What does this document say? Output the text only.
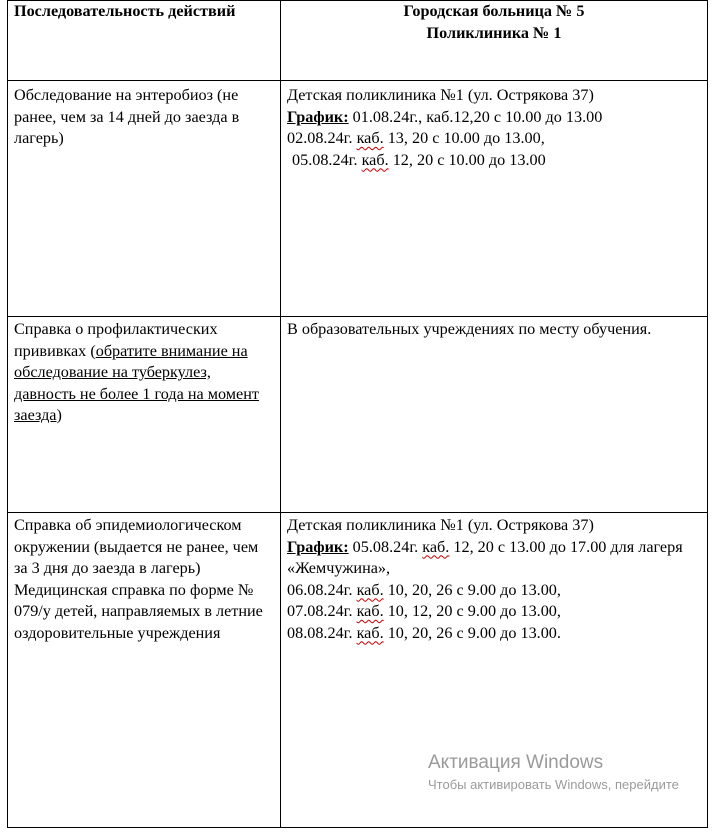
Последовательность действий	Городская больница № 5
Поликлиника № 1

Обследование на энтеробиоз (не ранее, чем за 14 дней до заезда в лагерь)	Детская поликлиника №1 (ул. Острякова 37)
График: 01.08.24г., каб.12,20 с 10.00 до 13.00
02.08.24г. каб. 13, 20 с 10.00 до 13.00,
05.08.24г. каб. 12, 20 с 10.00 до 13.00

Справка о профилактических прививках (обратите внимание на обследование на туберкулез, давность не более 1 года на момент заезда)	В образовательных учреждениях по месту обучения.

Справка об эпидемиологическом окружении (выдается не ранее, чем за 3 дня до заезда в лагерь) Медицинская справка по форме № 079/у детей, направляемых в летние оздоровительные учреждения	Детская поликлиника №1 (ул. Острякова 37)
График: 05.08.24г. каб. 12, 20 с 13.00 до 17.00 для лагеря «Жемчужина»,
06.08.24г. каб. 10, 20, 26 с 9.00 до 13.00,
07.08.24г. каб. 10, 12, 20 с 9.00 до 13.00,
08.08.24г. каб. 10, 20, 26 с 9.00 до 13.00.
Активация Windows
Чтобы активировать Windows, перейдите
